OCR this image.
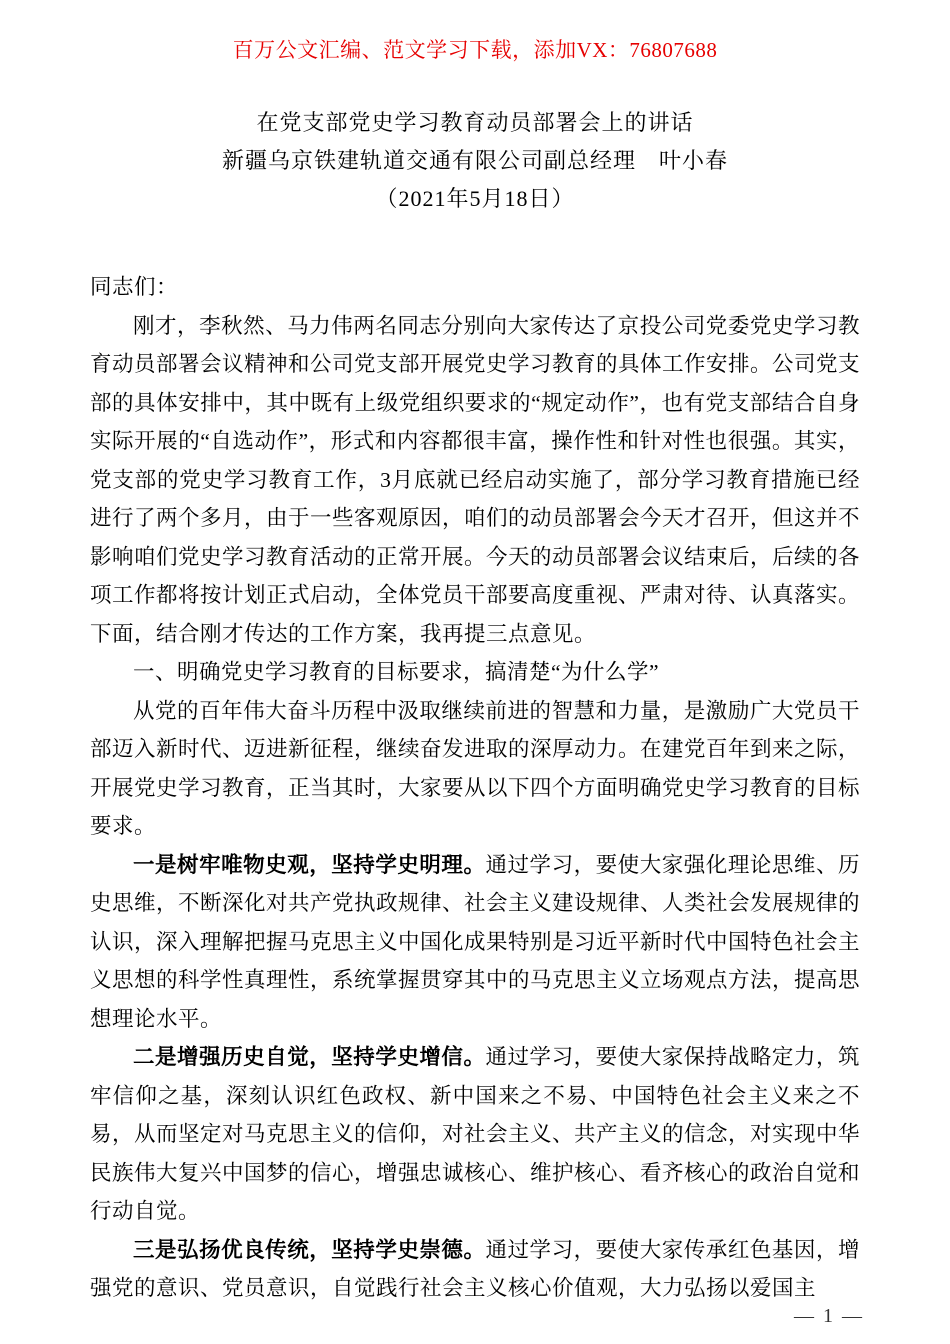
百万公文汇编、范文学习下载，添加VX：76807688
在党支部党史学习教育动员部署会上的讲话
新疆乌京铁建轨道交通有限公司副总经理　叶小春
（2021年5月18日）

同志们：

刚才，李秋然、马力伟两名同志分别向大家传达了京投公司党委党史学习教育动员部署会议精神和公司党支部开展党史学习教育的具体工作安排。公司党支部的具体安排中，其中既有上级党组织要求的“规定动作”，也有党支部结合自身实际开展的“自选动作”，形式和内容都很丰富，操作性和针对性也很强。其实，党支部的党史学习教育工作，3月底就已经启动实施了，部分学习教育措施已经进行了两个多月，由于一些客观原因，咱们的动员部署会今天才召开，但这并不影响咱们党史学习教育活动的正常开展。今天的动员部署会议结束后，后续的各项工作都将按计划正式启动，全体党员干部要高度重视、严肃对待、认真落实。下面，结合刚才传达的工作方案，我再提三点意见。

一、明确党史学习教育的目标要求，搞清楚“为什么学”

从党的百年伟大奋斗历程中汲取继续前进的智慧和力量，是激励广大党员干部迈入新时代、迈进新征程，继续奋发进取的深厚动力。在建党百年到来之际，开展党史学习教育，正当其时，大家要从以下四个方面明确党史学习教育的目标要求。

一是树牢唯物史观，坚持学史明理。通过学习，要使大家强化理论思维、历史思维，不断深化对共产党执政规律、社会主义建设规律、人类社会发展规律的认识，深入理解把握马克思主义中国化成果特别是习近平新时代中国特色社会主义思想的科学性真理性，系统掌握贯穿其中的马克思主义立场观点方法，提高思想理论水平。

二是增强历史自觉，坚持学史增信。通过学习，要使大家保持战略定力，筑牢信仰之基，深刻认识红色政权、新中国来之不易、中国特色社会主义来之不易，从而坚定对马克思主义的信仰，对社会主义、共产主义的信念，对实现中华民族伟大复兴中国梦的信心，增强忠诚核心、维护核心、看齐核心的政治自觉和行动自觉。

三是弘扬优良传统，坚持学史崇德。通过学习，要使大家传承红色基因，增强党的意识、党员意识，自觉践行社会主义核心价值观，大力弘扬以爱国主

— 1 —
